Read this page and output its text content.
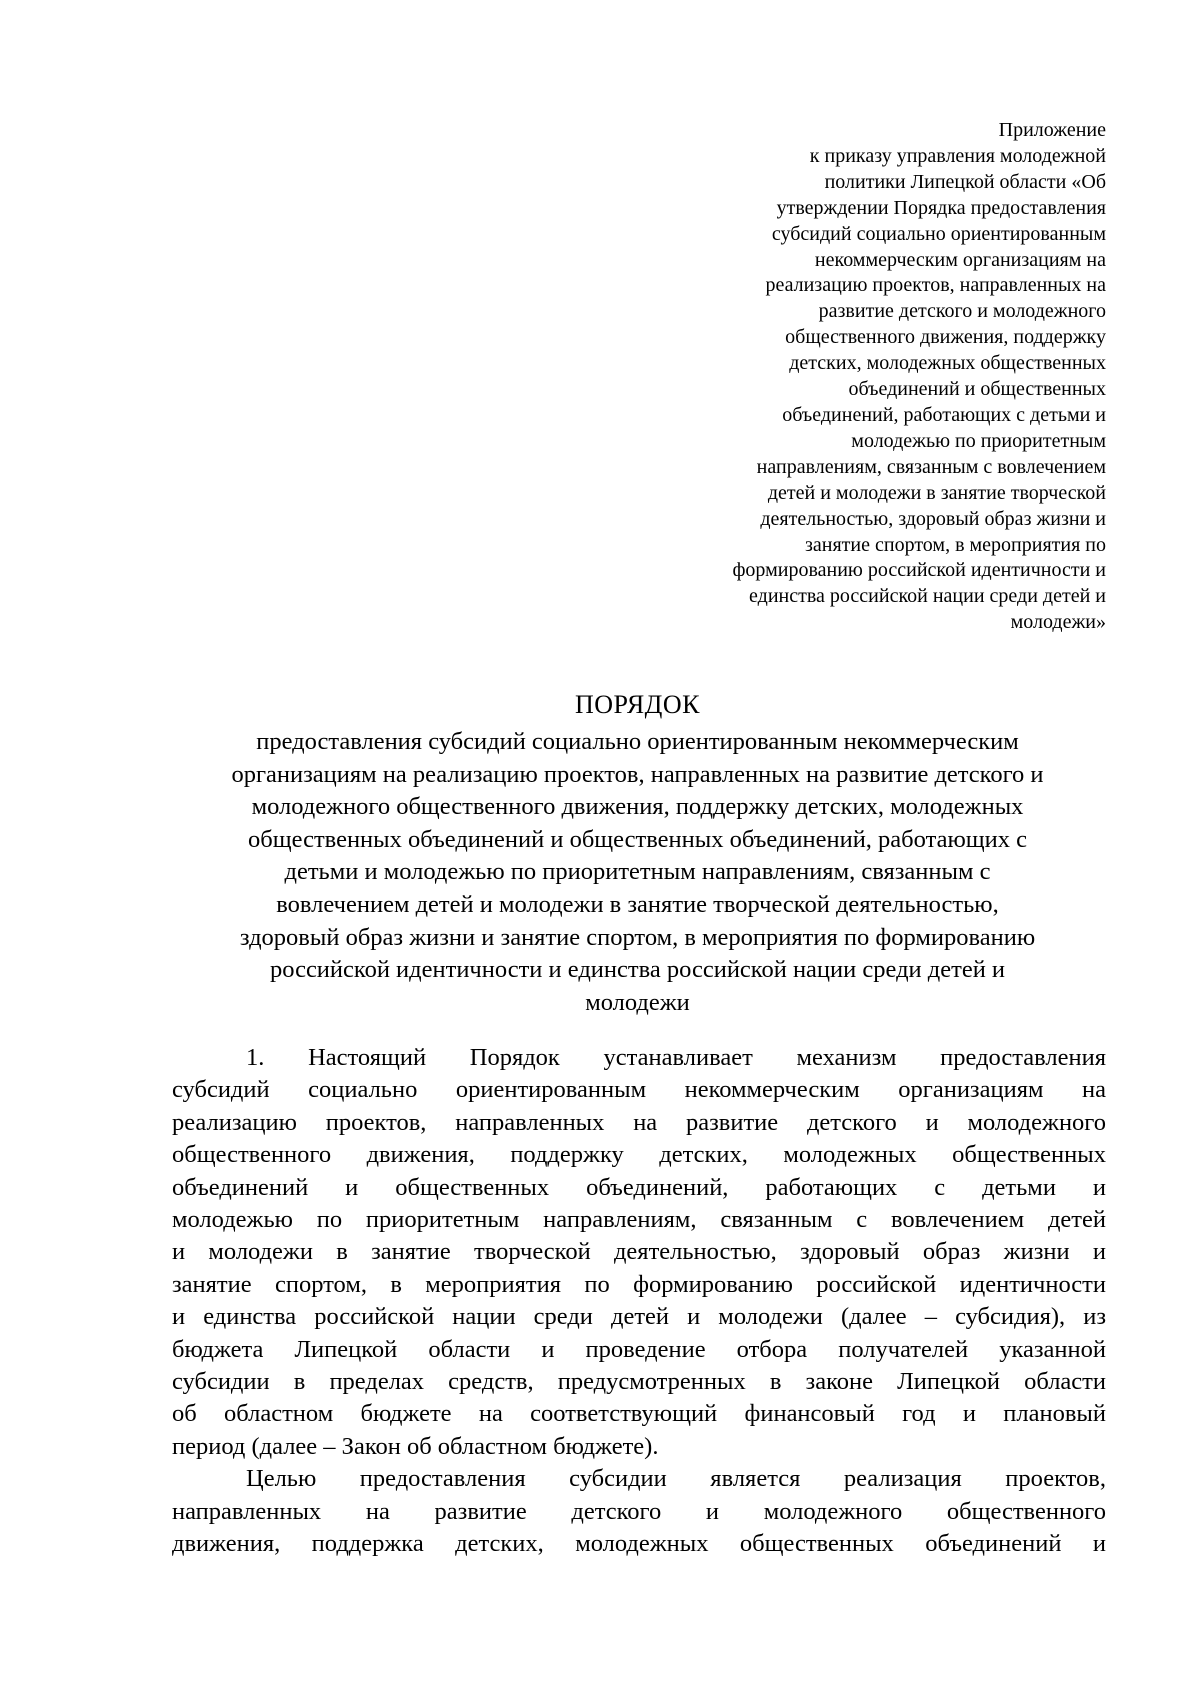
Приложение
к приказу управления молодежной
политики Липецкой области «Об
утверждении Порядка предоставления
субсидий социально ориентированным
некоммерческим организациям на
реализацию проектов, направленных на
развитие детского и молодежного
общественного движения, поддержку
детских, молодежных общественных
объединений и общественных
объединений, работающих с детьми и
молодежью по приоритетным
направлениям, связанным с вовлечением
детей и молодежи в занятие творческой
деятельностью, здоровый образ жизни и
занятие спортом, в мероприятия по
формированию российской идентичности и
единства российской нации среди детей и
молодежи»
ПОРЯДОК
предоставления субсидий социально ориентированным некоммерческим
организациям на реализацию проектов, направленных на развитие детского и
молодежного общественного движения, поддержку детских, молодежных
общественных объединений и общественных объединений, работающих с
детьми и молодежью по приоритетным направлениям, связанным с
вовлечением детей и молодежи в занятие творческой деятельностью,
здоровый образ жизни и занятие спортом, в мероприятия по формированию
российской идентичности и единства российской нации среди детей и
молодежи
1. Настоящий Порядок устанавливает механизм предоставления
субсидий социально ориентированным некоммерческим организациям на
реализацию проектов, направленных на развитие детского и молодежного
общественного движения, поддержку детских, молодежных общественных
объединений и общественных объединений, работающих с детьми и
молодежью по приоритетным направлениям, связанным с вовлечением детей
и молодежи в занятие творческой деятельностью, здоровый образ жизни и
занятие спортом, в мероприятия по формированию российской идентичности
и единства российской нации среди детей и молодежи (далее – субсидия), из
бюджета Липецкой области и проведение отбора получателей указанной
субсидии в пределах средств, предусмотренных в законе Липецкой области
об областном бюджете на соответствующий финансовый год и плановый
период (далее – Закон об областном бюджете).
Целью предоставления субсидии является реализация проектов,
направленных на развитие детского и молодежного общественного
движения, поддержка детских, молодежных общественных объединений и
